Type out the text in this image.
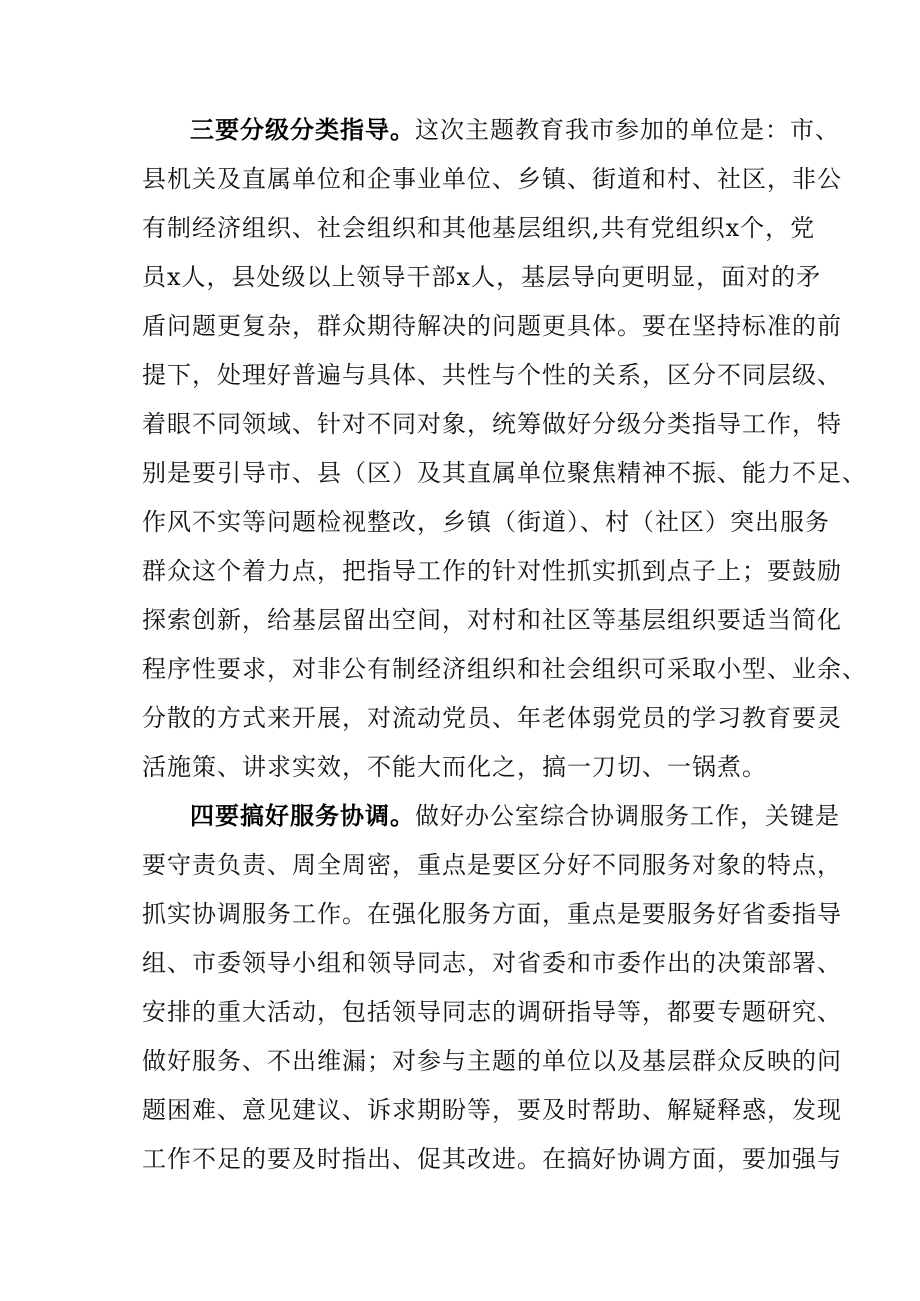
三要分级分类指导。这次主题教育我市参加的单位是：市、
县机关及直属单位和企事业单位、乡镇、街道和村、社区，非公
有制经济组织、社会组织和其他基层组织,共有党组织x个，党
员x人，县处级以上领导干部x人，基层导向更明显，面对的矛
盾问题更复杂，群众期待解决的问题更具体。要在坚持标准的前
提下，处理好普遍与具体、共性与个性的关系，区分不同层级、
着眼不同领域、针对不同对象，统筹做好分级分类指导工作，特
别是要引导市、县（区）及其直属单位聚焦精神不振、能力不足、
作风不实等问题检视整改，乡镇（街道）、村（社区）突出服务
群众这个着力点，把指导工作的针对性抓实抓到点子上；要鼓励
探索创新，给基层留出空间，对村和社区等基层组织要适当简化
程序性要求，对非公有制经济组织和社会组织可采取小型、业余、
分散的方式来开展，对流动党员、年老体弱党员的学习教育要灵
活施策、讲求实效，不能大而化之，搞一刀切、一锅煮。
四要搞好服务协调。做好办公室综合协调服务工作，关键是
要守责负责、周全周密，重点是要区分好不同服务对象的特点，
抓实协调服务工作。在强化服务方面，重点是要服务好省委指导
组、市委领导小组和领导同志，对省委和市委作出的决策部署、
安排的重大活动，包括领导同志的调研指导等，都要专题研究、
做好服务、不出维漏；对参与主题的单位以及基层群众反映的问
题困难、意见建议、诉求期盼等，要及时帮助、解疑释惑，发现
工作不足的要及时指出、促其改进。在搞好协调方面，要加强与
